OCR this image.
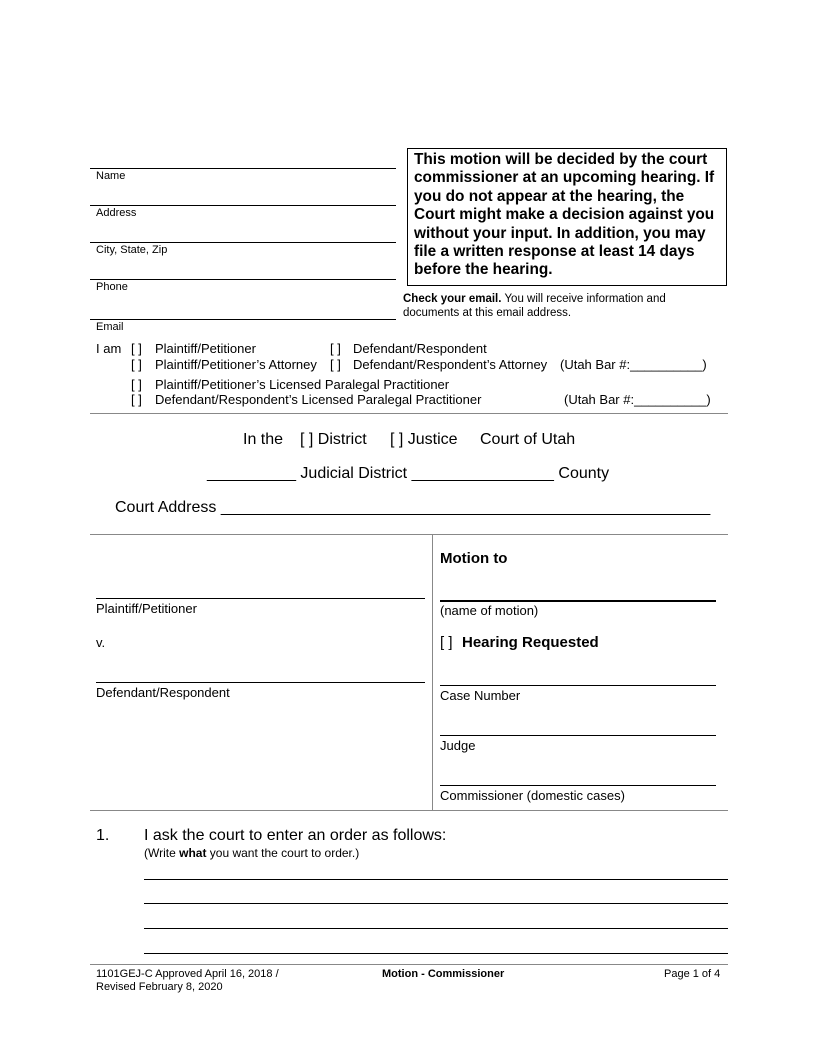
This motion will be decided by the court commissioner at an upcoming hearing. If you do not appear at the hearing, the Court might make a decision against you without your input. In addition, you may file a written response at least 14 days before the hearing.
Name
Address
City, State, Zip
Phone
Email
Check your email. You will receive information and
documents at this email address.
I am [ ] Plaintiff/Petitioner	[ ] Defendant/Respondent
[ ] Plaintiff/Petitioner’s Attorney [ ] Defendant/Respondent’s Attorney (Utah Bar #:__________)
[ ] Plaintiff/Petitioner’s Licensed Paralegal Practitioner
[ ] Defendant/Respondent’s Licensed Paralegal Practitioner	(Utah Bar #:__________)
In the [ ] District [ ] Justice Court of Utah
__________ Judicial District ________________ County
Court Address _______________________________________________________
Plaintiff/Petitioner
v.
Defendant/Respondent
Motion to
(name of motion)
[ ] Hearing Requested
Case Number
Judge
Commissioner (domestic cases)
1. I ask the court to enter an order as follows:
(Write what you want the court to order.)
1101GEJ-C Approved April 16, 2018 /
Revised February 8, 2020
Motion - Commissioner	Page 1 of 4
